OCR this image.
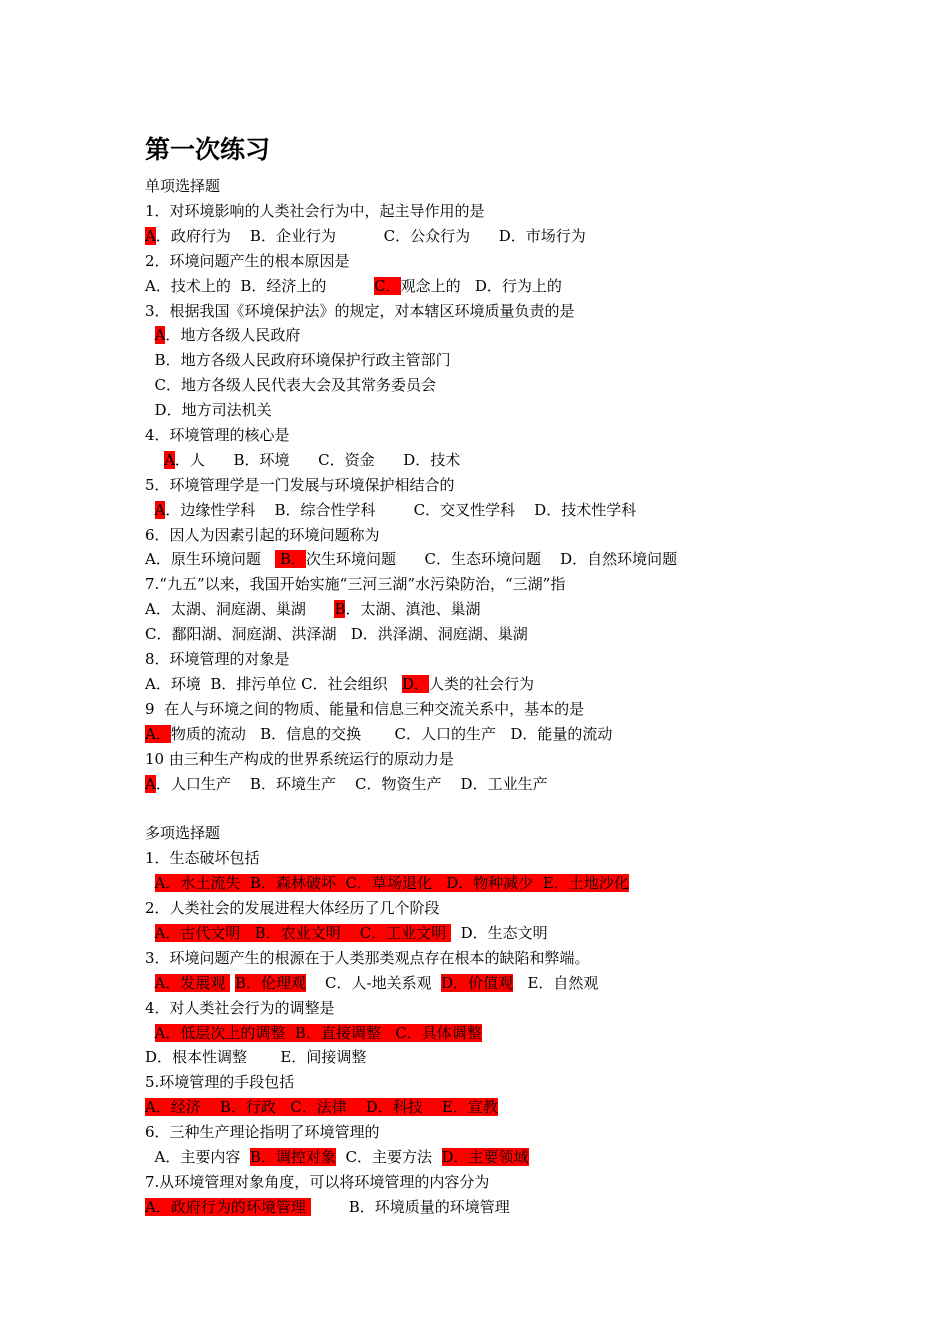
第一次练习
单项选择题
1．对环境影响的人类社会行为中，起主导作用的是
A．政府行为    B．企业行为          C．公众行为      D．市场行为
2．环境问题产生的根本原因是
A．技术上的  B．经济上的          C．观念上的   D．行为上的
3．根据我国《环境保护法》的规定，对本辖区环境质量负责的是
A．地方各级人民政府
B．地方各级人民政府环境保护行政主管部门
C．地方各级人民代表大会及其常务委员会
D．地方司法机关
4．环境管理的核心是
A．人      B．环境      C．资金      D．技术
5．环境管理学是一门发展与环境保护相结合的
A．边缘性学科    B．综合性学科        C．交叉性学科    D．技术性学科
6．因人为因素引起的环境问题称为
A．原生环境问题    B．次生环境问题      C．生态环境问题    D．自然环境问题
7.“九五”以来，我国开始实施“三河三湖”水污染防治，“三湖”指
A．太湖、洞庭湖、巢湖      B．太湖、滇池、巢湖
C．鄱阳湖、洞庭湖、洪泽湖   D．洪泽湖、洞庭湖、巢湖
8．环境管理的对象是
A．环境  B．排污单位 C．社会组织   D．人类的社会行为
9  在人与环境之间的物质、能量和信息三种交流关系中，基本的是
A．物质的流动   B．信息的交换       C．人口的生产   D．能量的流动
10 由三种生产构成的世界系统运行的原动力是
A．人口生产    B．环境生产    C．物资生产    D．工业生产
多项选择题
1．生态破坏包括
A．水土流失  B．森林破坏  C．草场退化   D．物种减少  E．土地沙化
2．人类社会的发展进程大体经历了几个阶段
A．古代文明   B．农业文明    C．工业文明   D．生态文明
3．环境问题产生的根源在于人类那类观点存在根本的缺陷和弊端。
A．发展观  B．伦理观    C．人-地关系观  D．价值观   E．自然观
4．对人类社会行为的调整是
A．低层次上的调整  B．直接调整   C．具体调整
D．根本性调整       E．间接调整
5.环境管理的手段包括
A．经济    B．行政   C．法律    D．科技    E．宣教
6．三种生产理论指明了环境管理的
A．主要内容  B．调控对象  C．主要方法  D．主要领域
7.从环境管理对象角度，可以将环境管理的内容分为
A．政府行为的环境管理         B．环境质量的环境管理
